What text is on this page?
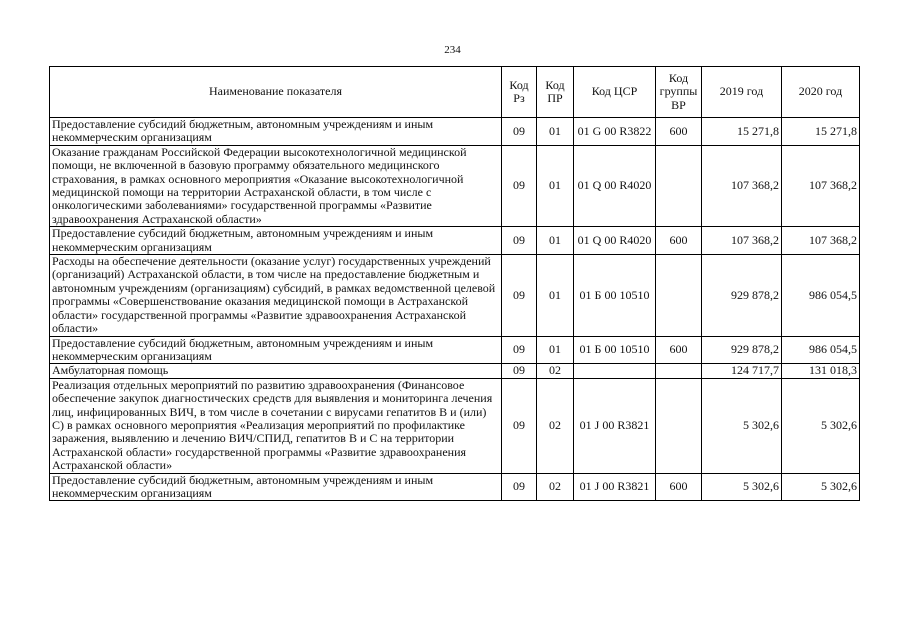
234
Наименование показателя	Код Рз	Код ПР	Код ЦСР	Код группы ВР	2019 год	2020 год
Предоставление субсидий бюджетным, автономным учреждениям и иным некоммерческим организациям	09	01	01 G 00 R3822	600	15 271,8	15 271,8
Оказание гражданам Российской Федерации высокотехнологичной медицинской помощи, не включенной в базовую программу обязательного медицинского страхования, в рамках основного мероприятия «Оказание высокотехнологичной медицинской помощи на территории Астраханской области, в том числе с онкологическими заболеваниями» государственной программы «Развитие здравоохранения Астраханской области»	09	01	01 Q 00 R4020		107 368,2	107 368,2
Предоставление субсидий бюджетным, автономным учреждениям и иным некоммерческим организациям	09	01	01 Q 00 R4020	600	107 368,2	107 368,2
Расходы на обеспечение деятельности (оказание услуг) государственных учреждений (организаций) Астраханской области, в том числе на предоставление бюджетным и автономным учреждениям (организациям) субсидий, в рамках ведомственной целевой программы «Совершенствование оказания медицинской помощи в Астраханской области» государственной программы «Развитие здравоохранения Астраханской области»	09	01	01 Б 00 10510		929 878,2	986 054,5
Предоставление субсидий бюджетным, автономным учреждениям и иным некоммерческим организациям	09	01	01 Б 00 10510	600	929 878,2	986 054,5
Амбулаторная помощь	09	02			124 717,7	131 018,3
Реализация отдельных мероприятий по развитию здравоохранения (Финансовое обеспечение закупок диагностических средств для выявления и мониторинга лечения лиц, инфицированных ВИЧ, в том числе в сочетании с вирусами гепатитов В и (или) С) в рамках основного мероприятия «Реализация мероприятий по профилактике заражения, выявлению и лечению ВИЧ/СПИД, гепатитов В и С на территории Астраханской области» государственной программы «Развитие здравоохранения Астраханской области»	09	02	01 J 00 R3821		5 302,6	5 302,6
Предоставление субсидий бюджетным, автономным учреждениям и иным некоммерческим организациям	09	02	01 J 00 R3821	600	5 302,6	5 302,6
